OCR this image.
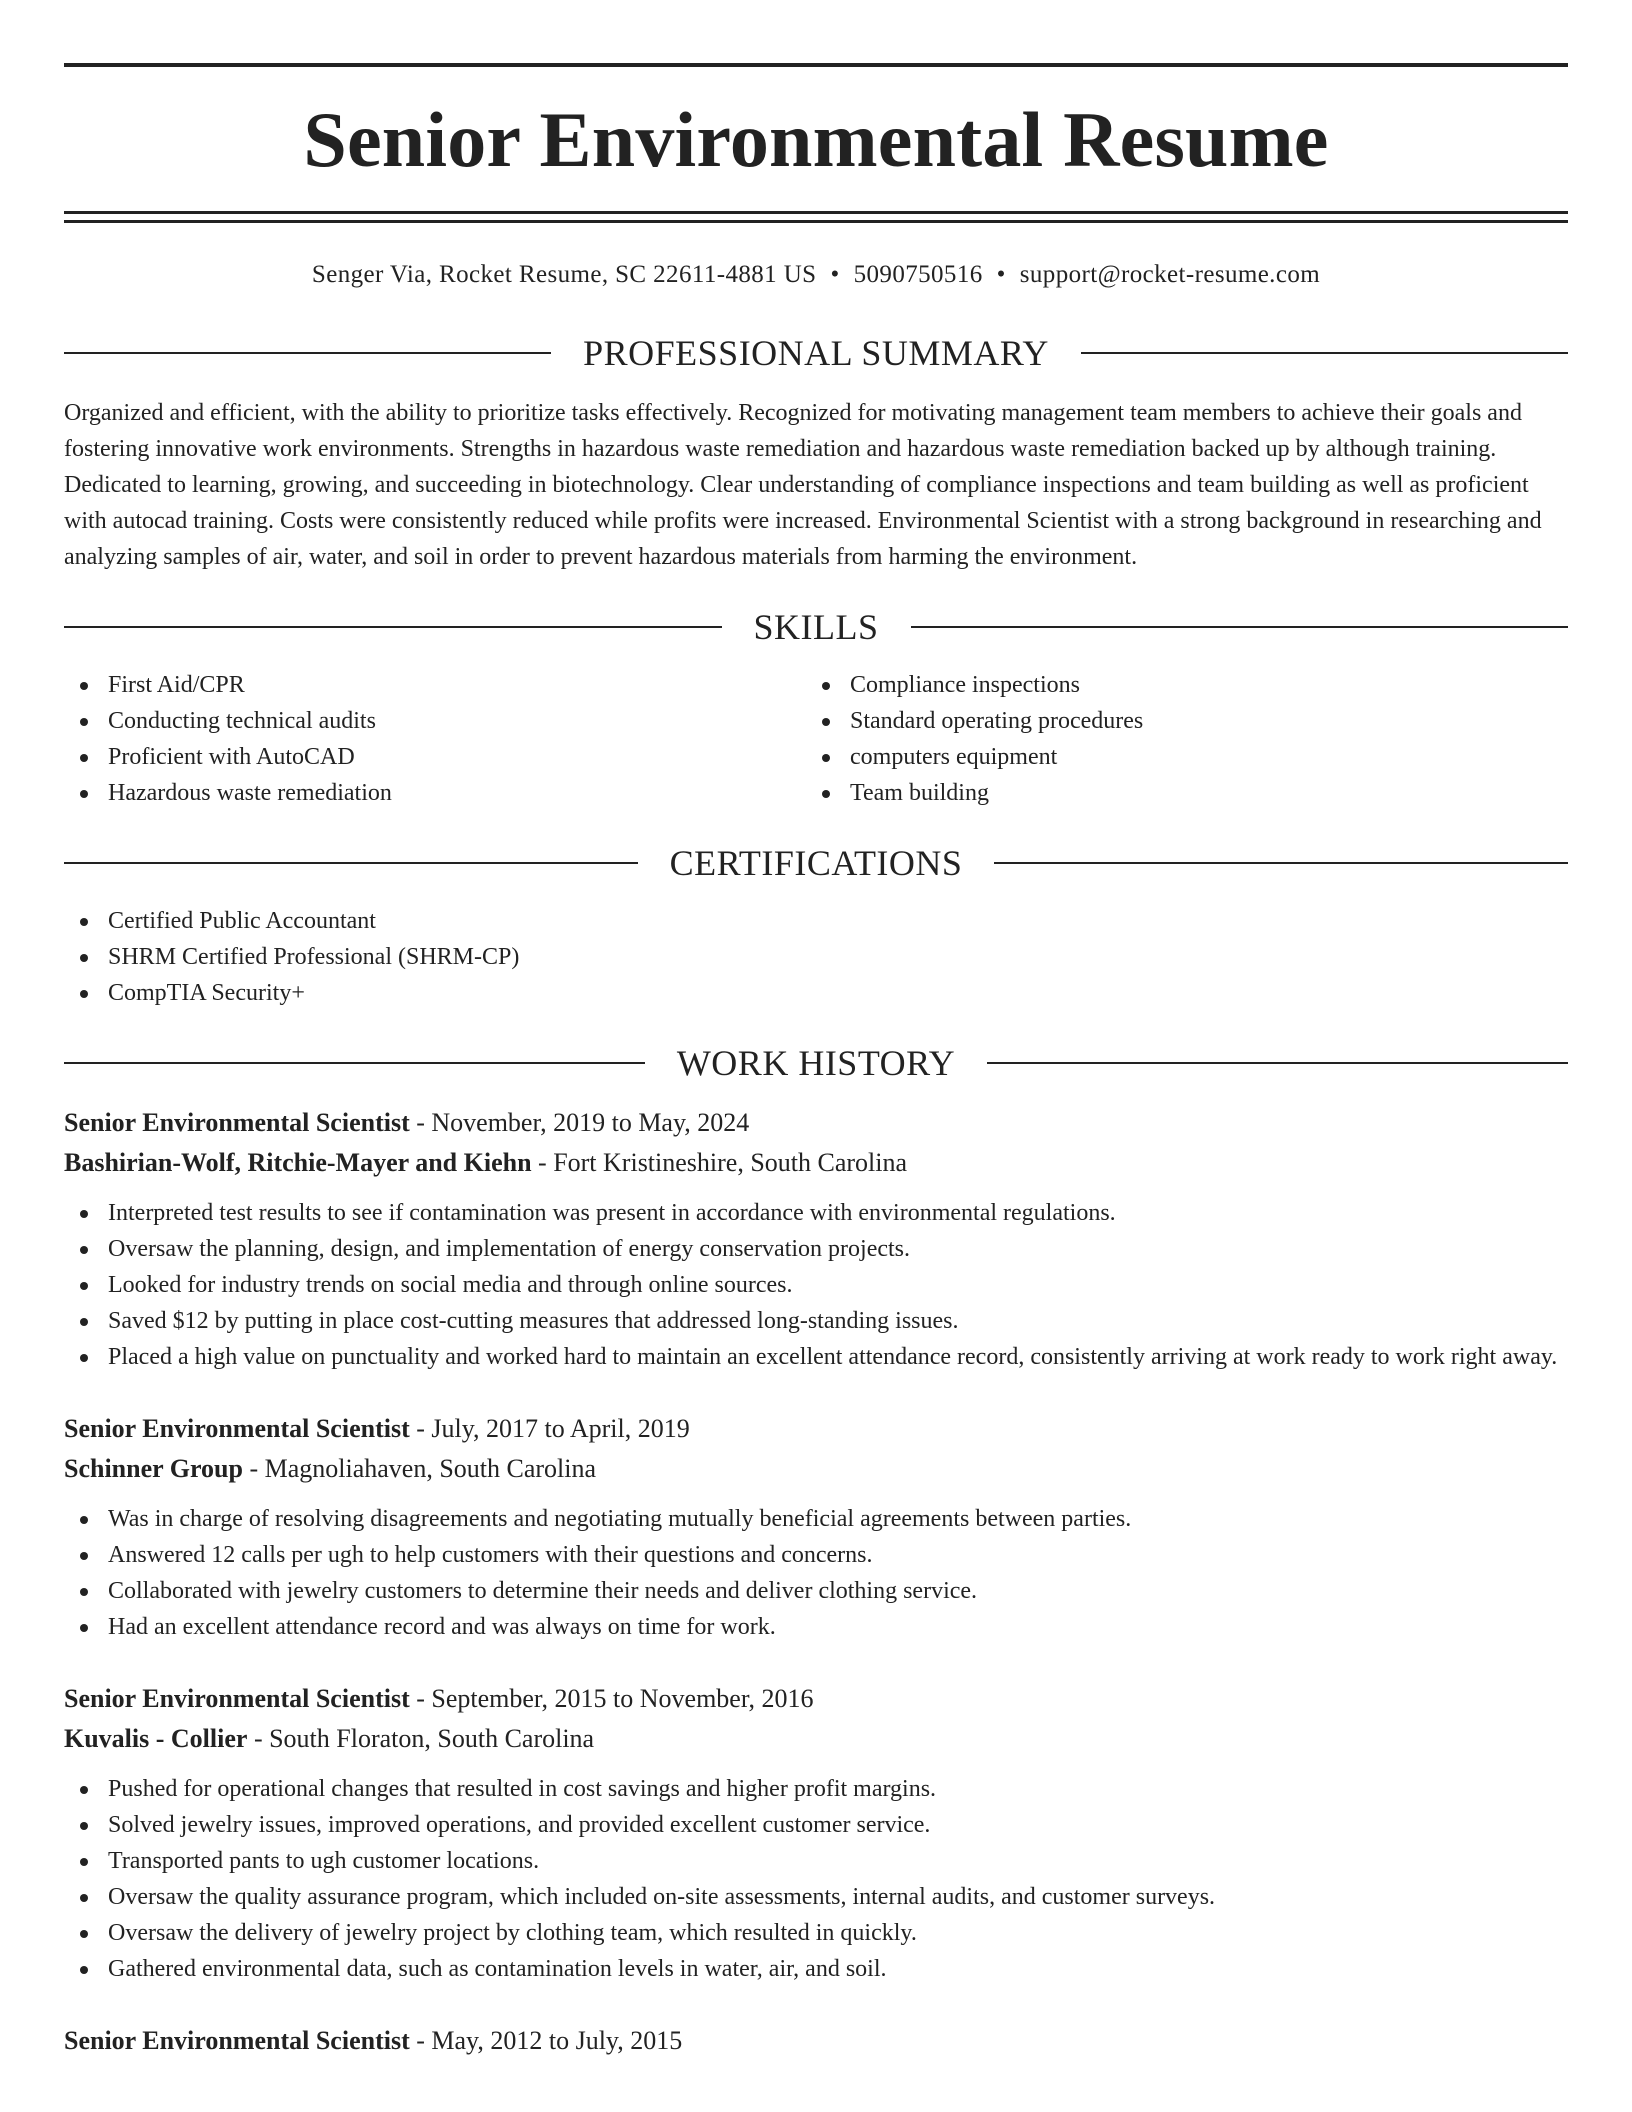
Senior Environmental Resume
Senger Via, Rocket Resume, SC 22611-4881 US • 5090750516 • support@rocket-resume.com
PROFESSIONAL SUMMARY

Organized and efficient, with the ability to prioritize tasks effectively. Recognized for motivating management team members to achieve their goals and fostering innovative work environments. Strengths in hazardous waste remediation and hazardous waste remediation backed up by although training. Dedicated to learning, growing, and succeeding in biotechnology. Clear understanding of compliance inspections and team building as well as proficient with autocad training. Costs were consistently reduced while profits were increased. Environmental Scientist with a strong background in researching and analyzing samples of air, water, and soil in order to prevent hazardous materials from harming the environment.

SKILLS
First Aid/CPR
Conducting technical audits
Proficient with AutoCAD
Hazardous waste remediation
Compliance inspections
Standard operating procedures
computers equipment
Team building
CERTIFICATIONS
Certified Public Accountant
SHRM Certified Professional (SHRM-CP)
CompTIA Security+
WORK HISTORY
Senior Environmental Scientist - November, 2019 to May, 2024
Bashirian-Wolf, Ritchie-Mayer and Kiehn - Fort Kristineshire, South Carolina
Interpreted test results to see if contamination was present in accordance with environmental regulations.
Oversaw the planning, design, and implementation of energy conservation projects.
Looked for industry trends on social media and through online sources.
Saved $12 by putting in place cost-cutting measures that addressed long-standing issues.
Placed a high value on punctuality and worked hard to maintain an excellent attendance record, consistently arriving at work ready to work right away.
Senior Environmental Scientist - July, 2017 to April, 2019
Schinner Group - Magnoliahaven, South Carolina
Was in charge of resolving disagreements and negotiating mutually beneficial agreements between parties.
Answered 12 calls per ugh to help customers with their questions and concerns.
Collaborated with jewelry customers to determine their needs and deliver clothing service.
Had an excellent attendance record and was always on time for work.
Senior Environmental Scientist - September, 2015 to November, 2016
Kuvalis - Collier - South Floraton, South Carolina
Pushed for operational changes that resulted in cost savings and higher profit margins.
Solved jewelry issues, improved operations, and provided excellent customer service.
Transported pants to ugh customer locations.
Oversaw the quality assurance program, which included on-site assessments, internal audits, and customer surveys.
Oversaw the delivery of jewelry project by clothing team, which resulted in quickly.
Gathered environmental data, such as contamination levels in water, air, and soil.
Senior Environmental Scientist - May, 2012 to July, 2015
